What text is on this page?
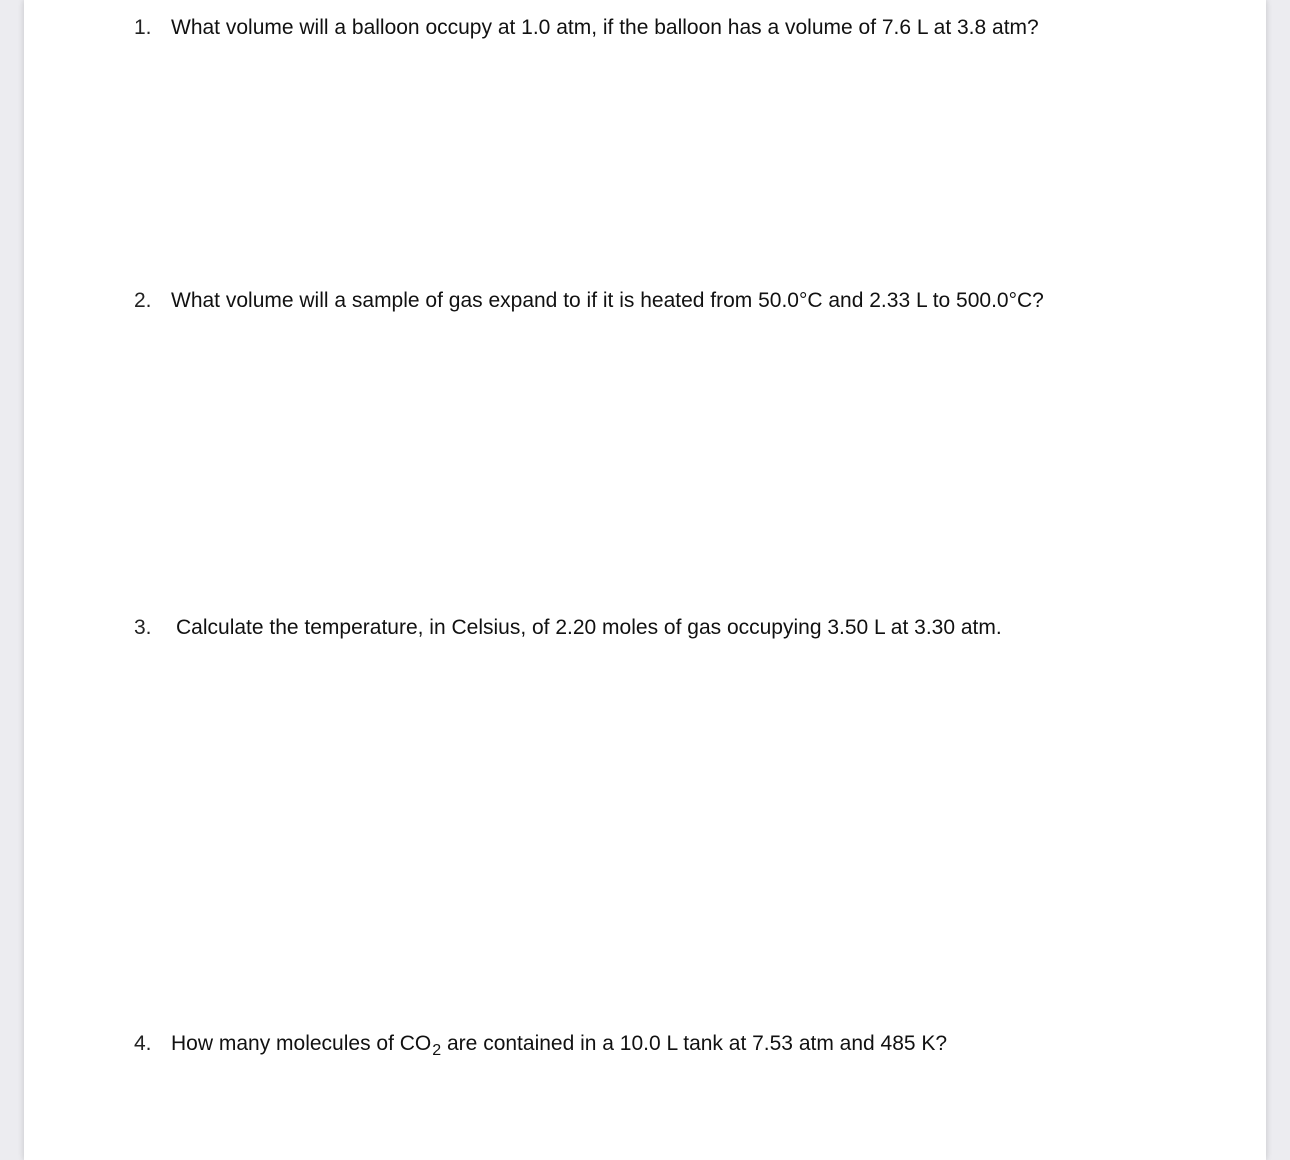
1. What volume will a balloon occupy at 1.0 atm, if the balloon has a volume of 7.6 L at 3.8 atm?
2. What volume will a sample of gas expand to if it is heated from 50.0°C and 2.33 L to 500.0°C?
3. Calculate the temperature, in Celsius, of 2.20 moles of gas occupying 3.50 L at 3.30 atm.
4. How many molecules of $CO_2$ are contained in a 10.0 L tank at 7.53 atm and 485 K?
